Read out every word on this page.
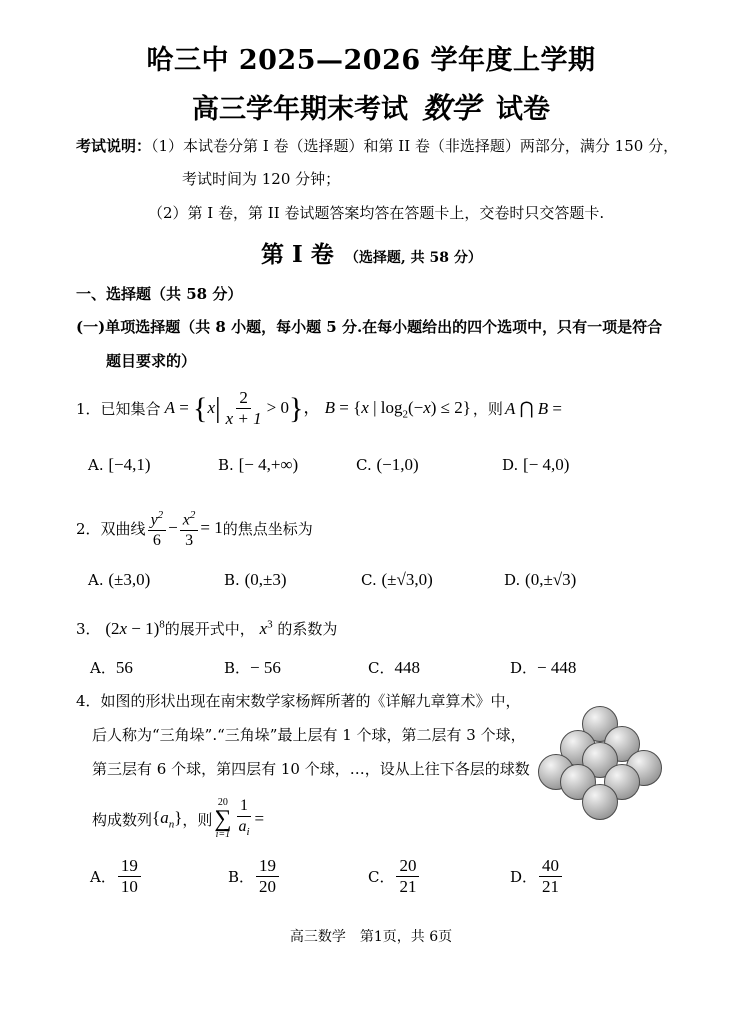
哈三中 2025—2026 学年度上学期
高三学年期末考试 数学 试卷
考试说明：（1）本试卷分第 I 卷（选择题）和第 II 卷（非选择题）两部分，满分 150 分，
考试时间为 120 分钟；
（2）第 I 卷，第 II 卷试题答案均答在答题卡上，交卷时只交答题卡.
第 I 卷 （选择题, 共 58 分）
一、选择题（共 58 分）
(一)单项选择题（共 8 小题，每小题 5 分.在每小题给出的四个选项中，只有一项是符合
题目要求的）
1． 已知集合 $A = \{x| \frac{2}{x + 1} > 0\}$， B = {x | $\log_2(-x) \le 2$} ，则 A ⋂ B =
A. [−4,1)	B. [− 4,+∞)	C. (−1,0)	D. [− 4,0)
2． 双曲线 $\frac{y^2}{6} - \frac{x^2}{3} = 1$ 的焦点坐标为
A. (±3,0)	B. (0,±3)	C. (±√3,0)	D. (0,±√3)
3． $(2x - 1)^8$的展开式中， $x^3$ 的系数为
A．56	B．− 56	C．448	D．− 448
4．如图的形状出现在南宋数学家杨辉所著的《详解九章算术》中，
后人称为“三角垛”.“三角垛”最上层有 1 个球，第二层有 3 个球，
第三层有 6 个球，第四层有 10 个球，…，设从上往下各层的球数
构成数列 $\{a_n\}$ ，则
20
∑
$i=1 \frac{1}{a_i}$ =
A． $\frac{19}{10}$	B． $\frac{19}{20}$	C． $\frac{20}{21}$	D． $\frac{40}{21}$
高三数学　第1页，共 6页
